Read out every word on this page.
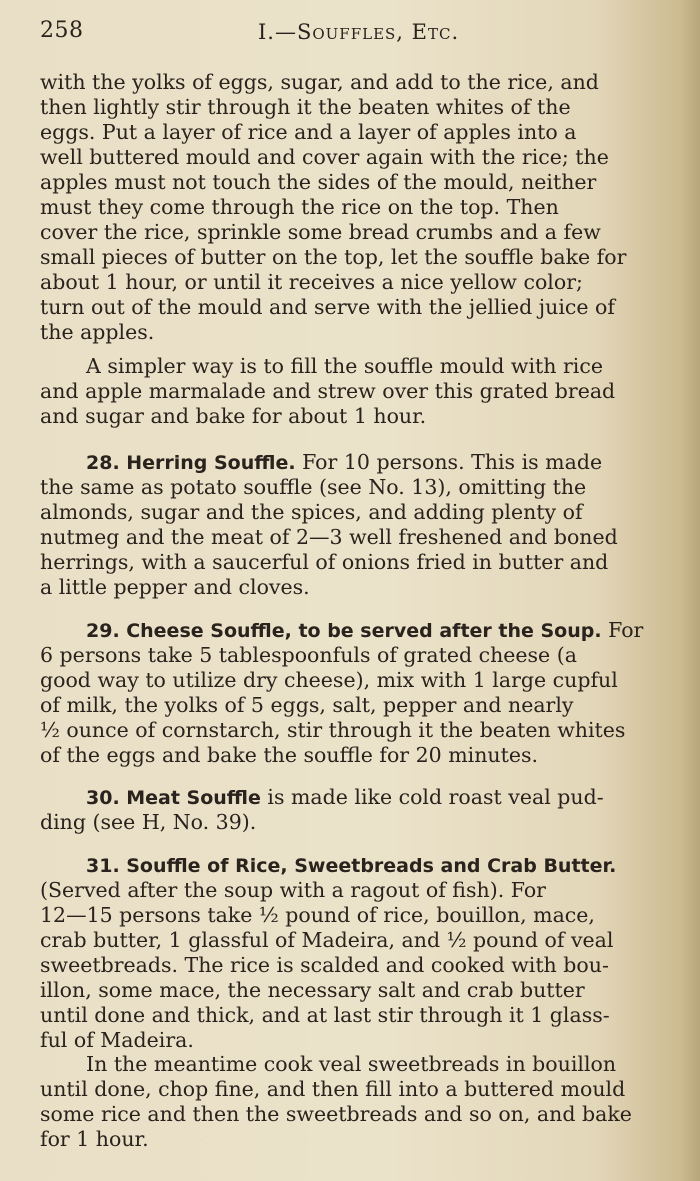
258	I.—Souffles, Etc.
with the yolks of eggs, sugar, and add to the rice, and
then lightly stir through it the beaten whites of the
eggs. Put a layer of rice and a layer of apples into a
well buttered mould and cover again with the rice; the
apples must not touch the sides of the mould, neither
must they come through the rice on the top. Then
cover the rice, sprinkle some bread crumbs and a few
small pieces of butter on the top, let the souffle bake for
about 1 hour, or until it receives a nice yellow color;
turn out of the mould and serve with the jellied juice of
the apples.
A simpler way is to fill the souffle mould with rice
and apple marmalade and strew over this grated bread
and sugar and bake for about 1 hour.
28. Herring Souffle. For 10 persons. This is made
the same as potato souffle (see No. 13), omitting the
almonds, sugar and the spices, and adding plenty of
nutmeg and the meat of 2—3 well freshened and boned
herrings, with a saucerful of onions fried in butter and
a little pepper and cloves.
29. Cheese Souffle, to be served after the Soup. For
6 persons take 5 tablespoonfuls of grated cheese (a
good way to utilize dry cheese), mix with 1 large cupful
of milk, the yolks of 5 eggs, salt, pepper and nearly
½ ounce of cornstarch, stir through it the beaten whites
of the eggs and bake the souffle for 20 minutes.
30. Meat Souffle is made like cold roast veal pud-
ding (see H, No. 39).
31. Souffle of Rice, Sweetbreads and Crab Butter.
(Served after the soup with a ragout of fish). For
12—15 persons take ½ pound of rice, bouillon, mace,
crab butter, 1 glassful of Madeira, and ½ pound of veal
sweetbreads. The rice is scalded and cooked with bou-
illon, some mace, the necessary salt and crab butter
until done and thick, and at last stir through it 1 glass-
ful of Madeira.
In the meantime cook veal sweetbreads in bouillon
until done, chop fine, and then fill into a buttered mould
some rice and then the sweetbreads and so on, and bake
for 1 hour.
